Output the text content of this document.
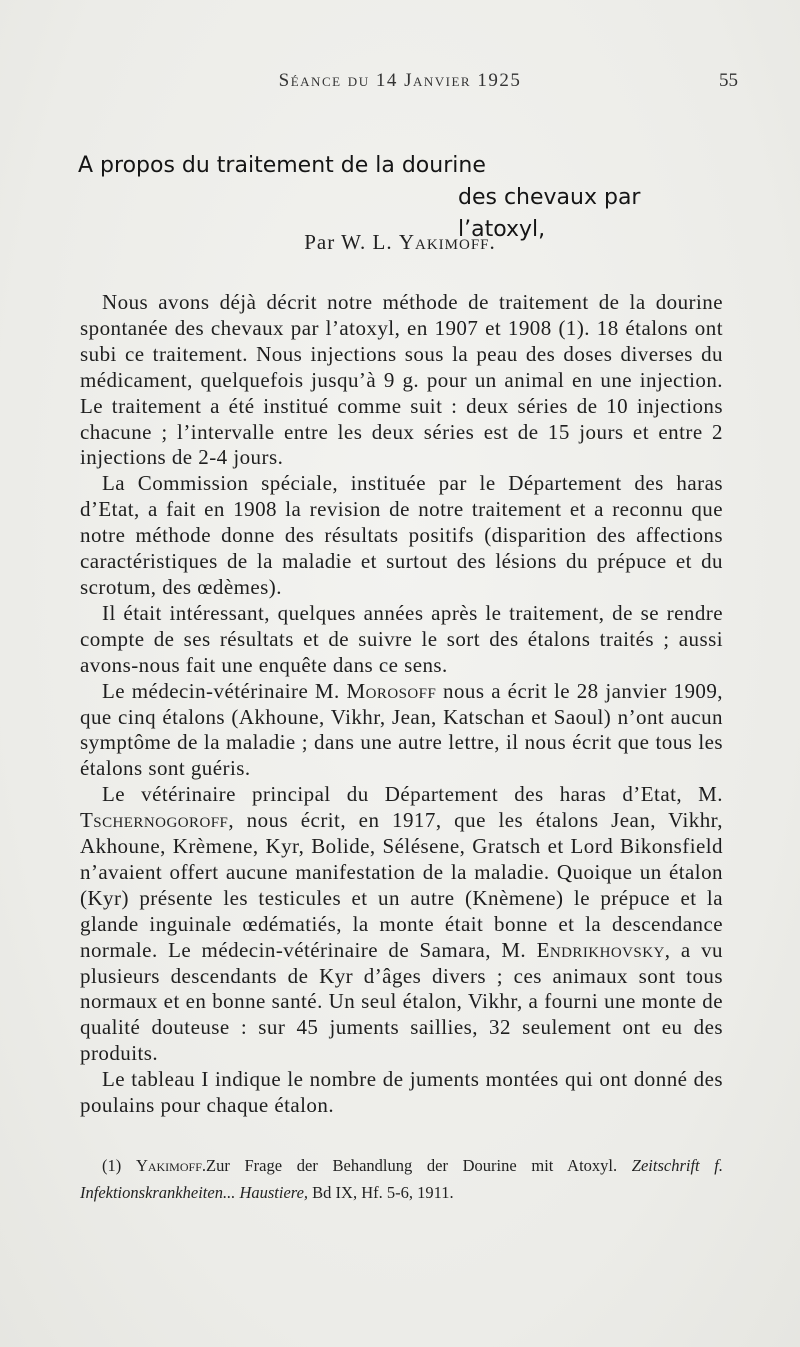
Séance du 14 Janvier 1925	55
A propos du traitement de la dourine
des chevaux par l’atoxyl,
Par W. L. Yakimoff.

Nous avons déjà décrit notre méthode de traitement de la dourine spontanée des chevaux par l’atoxyl, en 1907 et 1908 (1). 18 étalons ont subi ce traitement. Nous injections sous la peau des doses diverses du médicament, quelquefois jusqu’à 9 g. pour un animal en une injection. Le traitement a été institué comme suit : deux séries de 10 injections chacune ; l’intervalle entre les deux séries est de 15 jours et entre 2 injections de 2-4 jours.

La Commission spéciale, instituée par le Département des haras d’Etat, a fait en 1908 la revision de notre traitement et a reconnu que notre méthode donne des résultats positifs (disparition des affections caractéristiques de la maladie et surtout des lésions du prépuce et du scrotum, des œdèmes).

Il était intéressant, quelques années après le traitement, de se rendre compte de ses résultats et de suivre le sort des étalons traités ; aussi avons-nous fait une enquête dans ce sens.

Le médecin-vétérinaire M. Morosoff nous a écrit le 28 janvier 1909, que cinq étalons (Akhoune, Vikhr, Jean, Katschan et Saoul) n’ont aucun symptôme de la maladie ; dans une autre lettre, il nous écrit que tous les étalons sont guéris.

Le vétérinaire principal du Département des haras d’Etat, M. Tschernogoroff, nous écrit, en 1917, que les étalons Jean, Vikhr, Akhoune, Krèmene, Kyr, Bolide, Sélésene, Gratsch et Lord Bikonsfield n’avaient offert aucune manifestation de la maladie. Quoique un étalon (Kyr) présente les testicules et un autre (Knèmene) le prépuce et la glande inguinale œdématiés, la monte était bonne et la descendance normale. Le médecin-vétérinaire de Samara, M. Endrikhovsky, a vu plusieurs descendants de Kyr d’âges divers ; ces animaux sont tous normaux et en bonne santé. Un seul étalon, Vikhr, a fourni une monte de qualité douteuse : sur 45 juments saillies, 32 seulement ont eu des produits.

Le tableau I indique le nombre de juments montées qui ont donné des poulains pour chaque étalon.

(1) Yakimoff.Zur Frage der Behandlung der Dourine mit Atoxyl. Zeitschrift f. Infektionskrankheiten... Haustiere, Bd IX, Hf. 5-6, 1911.
